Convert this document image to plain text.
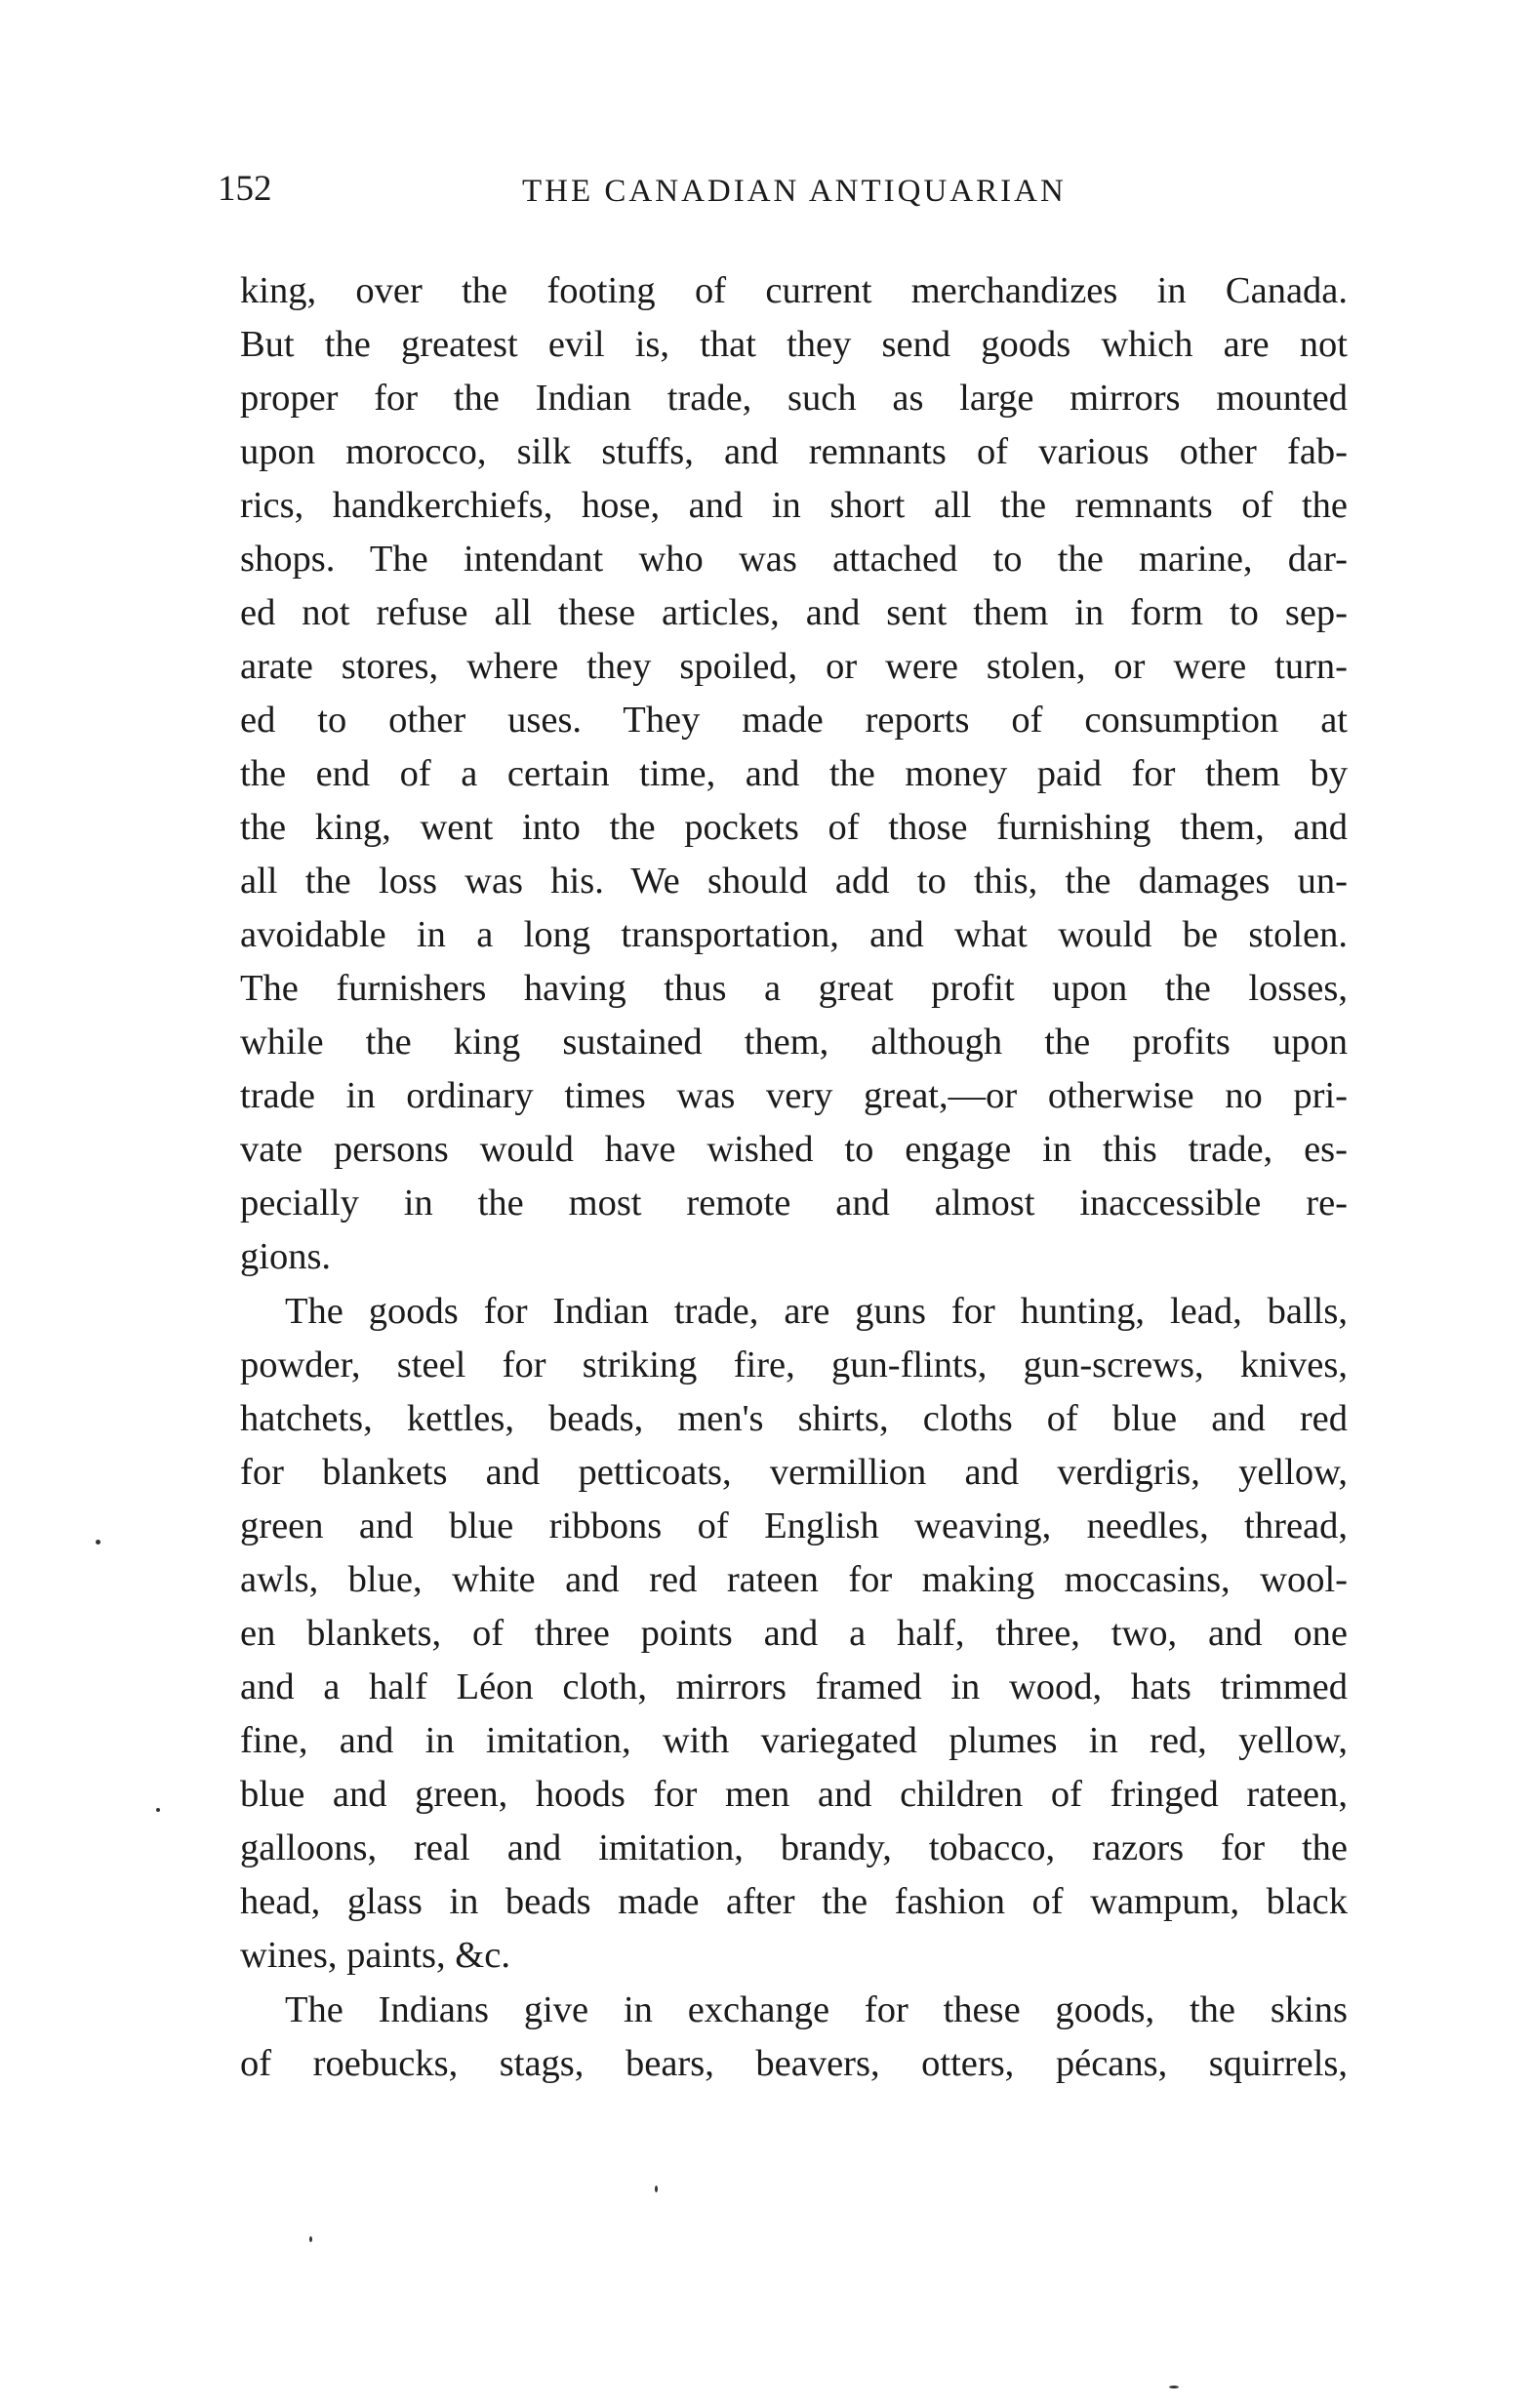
152	THE CANADIAN ANTIQUARIAN
king, over the footing of current merchandizes in Canada.
But the greatest evil is, that they send goods which are not
proper for the Indian trade, such as large mirrors mounted
upon morocco, silk stuffs, and remnants of various other fab-
rics, handkerchiefs, hose, and in short all the remnants of the
shops. The intendant who was attached to the marine, dar-
ed not refuse all these articles, and sent them in form to sep-
arate stores, where they spoiled, or were stolen, or were turn-
ed to other uses. They made reports of consumption at
the end of a certain time, and the money paid for them by
the king, went into the pockets of those furnishing them, and
all the loss was his. We should add to this, the damages un-
avoidable in a long transportation, and what would be stolen.
The furnishers having thus a great profit upon the losses,
while the king sustained them, although the profits upon
trade in ordinary times was very great,—or otherwise no pri-
vate persons would have wished to engage in this trade, es-
pecially in the most remote and almost inaccessible re-
gions.
The goods for Indian trade, are guns for hunting, lead, balls,
powder, steel for striking fire, gun-flints, gun-screws, knives,
hatchets, kettles, beads, men's shirts, cloths of blue and red
for blankets and petticoats, vermillion and verdigris, yellow,
green and blue ribbons of English weaving, needles, thread,
awls, blue, white and red rateen for making moccasins, wool-
en blankets, of three points and a half, three, two, and one
and a half Léon cloth, mirrors framed in wood, hats trimmed
fine, and in imitation, with variegated plumes in red, yellow,
blue and green, hoods for men and children of fringed rateen,
galloons, real and imitation, brandy, tobacco, razors for the
head, glass in beads made after the fashion of wampum, black
wines, paints, &c.
The Indians give in exchange for these goods, the skins
of roebucks, stags, bears, beavers, otters, pécans, squirrels,
